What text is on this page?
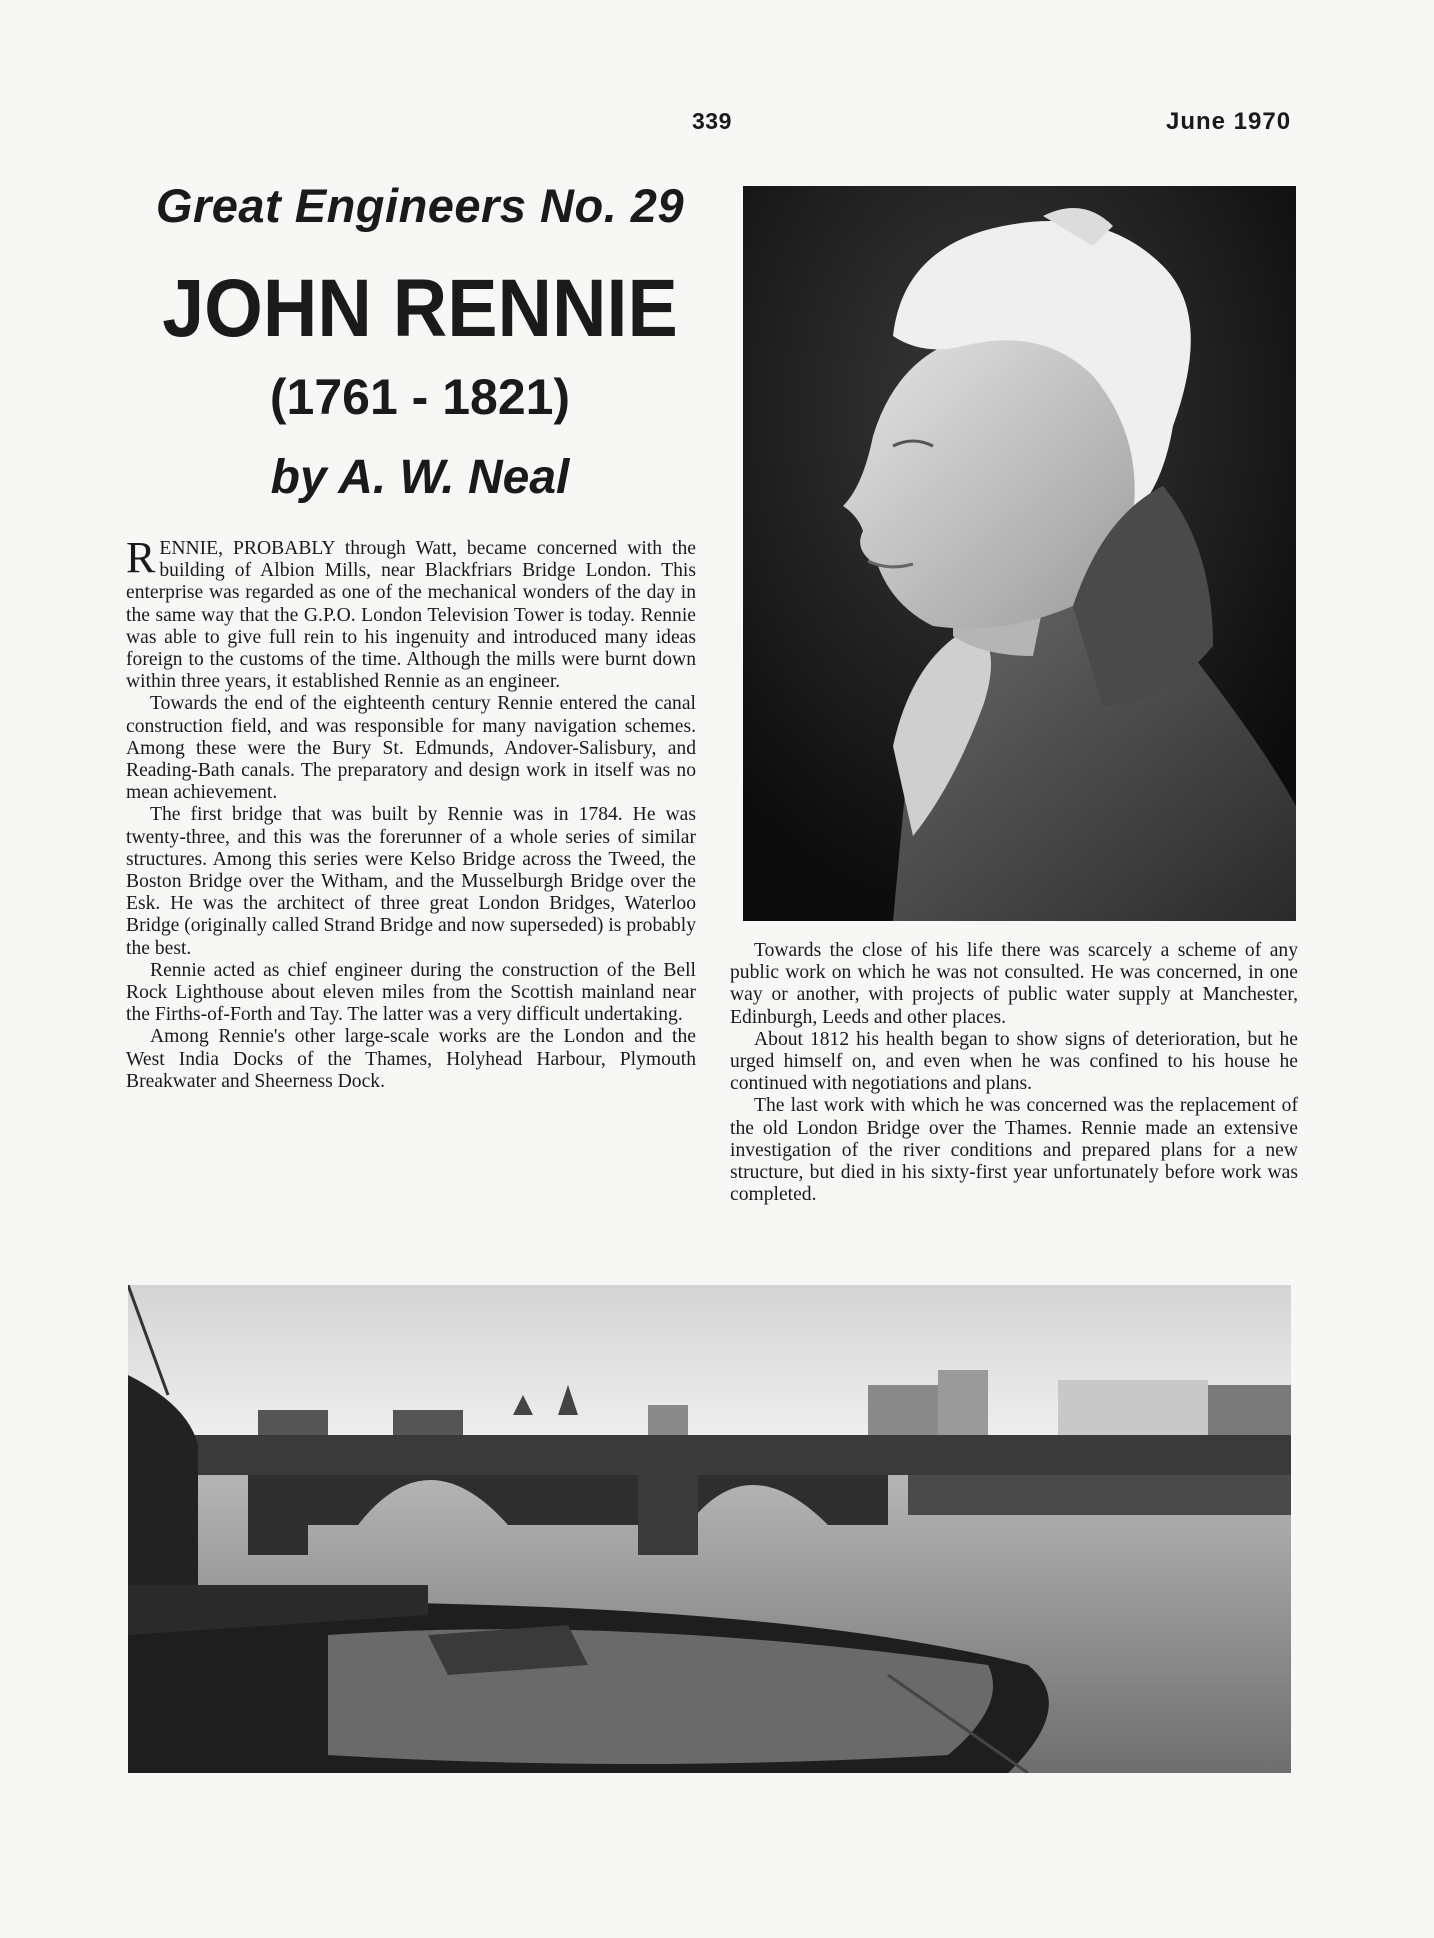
339	June 1970
Great Engineers No. 29
JOHN RENNIE
(1761 - 1821)
by A. W. Neal

RENNIE, PROBABLY through Watt, became concerned with the building of Albion Mills, near Blackfriars Bridge London. This enterprise was regarded as one of the mechanical wonders of the day in the same way that the G.P.O. London Television Tower is today. Rennie was able to give full rein to his ingenuity and introduced many ideas foreign to the customs of the time. Although the mills were burnt down within three years, it established Rennie as an engineer.

Towards the end of the eighteenth century Rennie entered the canal construction field, and was responsible for many navigation schemes. Among these were the Bury St. Edmunds, Andover-Salisbury, and Reading-Bath canals. The preparatory and design work in itself was no mean achievement.

The first bridge that was built by Rennie was in 1784. He was twenty-three, and this was the forerunner of a whole series of similar structures. Among this series were Kelso Bridge across the Tweed, the Boston Bridge over the Witham, and the Musselburgh Bridge over the Esk. He was the architect of three great London Bridges, Waterloo Bridge (originally called Strand Bridge and now superseded) is probably the best.

Rennie acted as chief engineer during the construction of the Bell Rock Lighthouse about eleven miles from the Scottish mainland near the Firths-of-Forth and Tay. The latter was a very difficult undertaking.

Among Rennie's other large-scale works are the London and the West India Docks of the Thames, Holyhead Harbour, Plymouth Breakwater and Sheerness Dock.

Towards the close of his life there was scarcely a scheme of any public work on which he was not consulted. He was concerned, in one way or another, with projects of public water supply at Manchester, Edinburgh, Leeds and other places.

About 1812 his health began to show signs of deterioration, but he urged himself on, and even when he was confined to his house he continued with negotiations and plans.

The last work with which he was concerned was the replacement of the old London Bridge over the Thames. Rennie made an extensive investigation of the river conditions and prepared plans for a new structure, but died in his sixty-first year unfortunately before work was completed.
